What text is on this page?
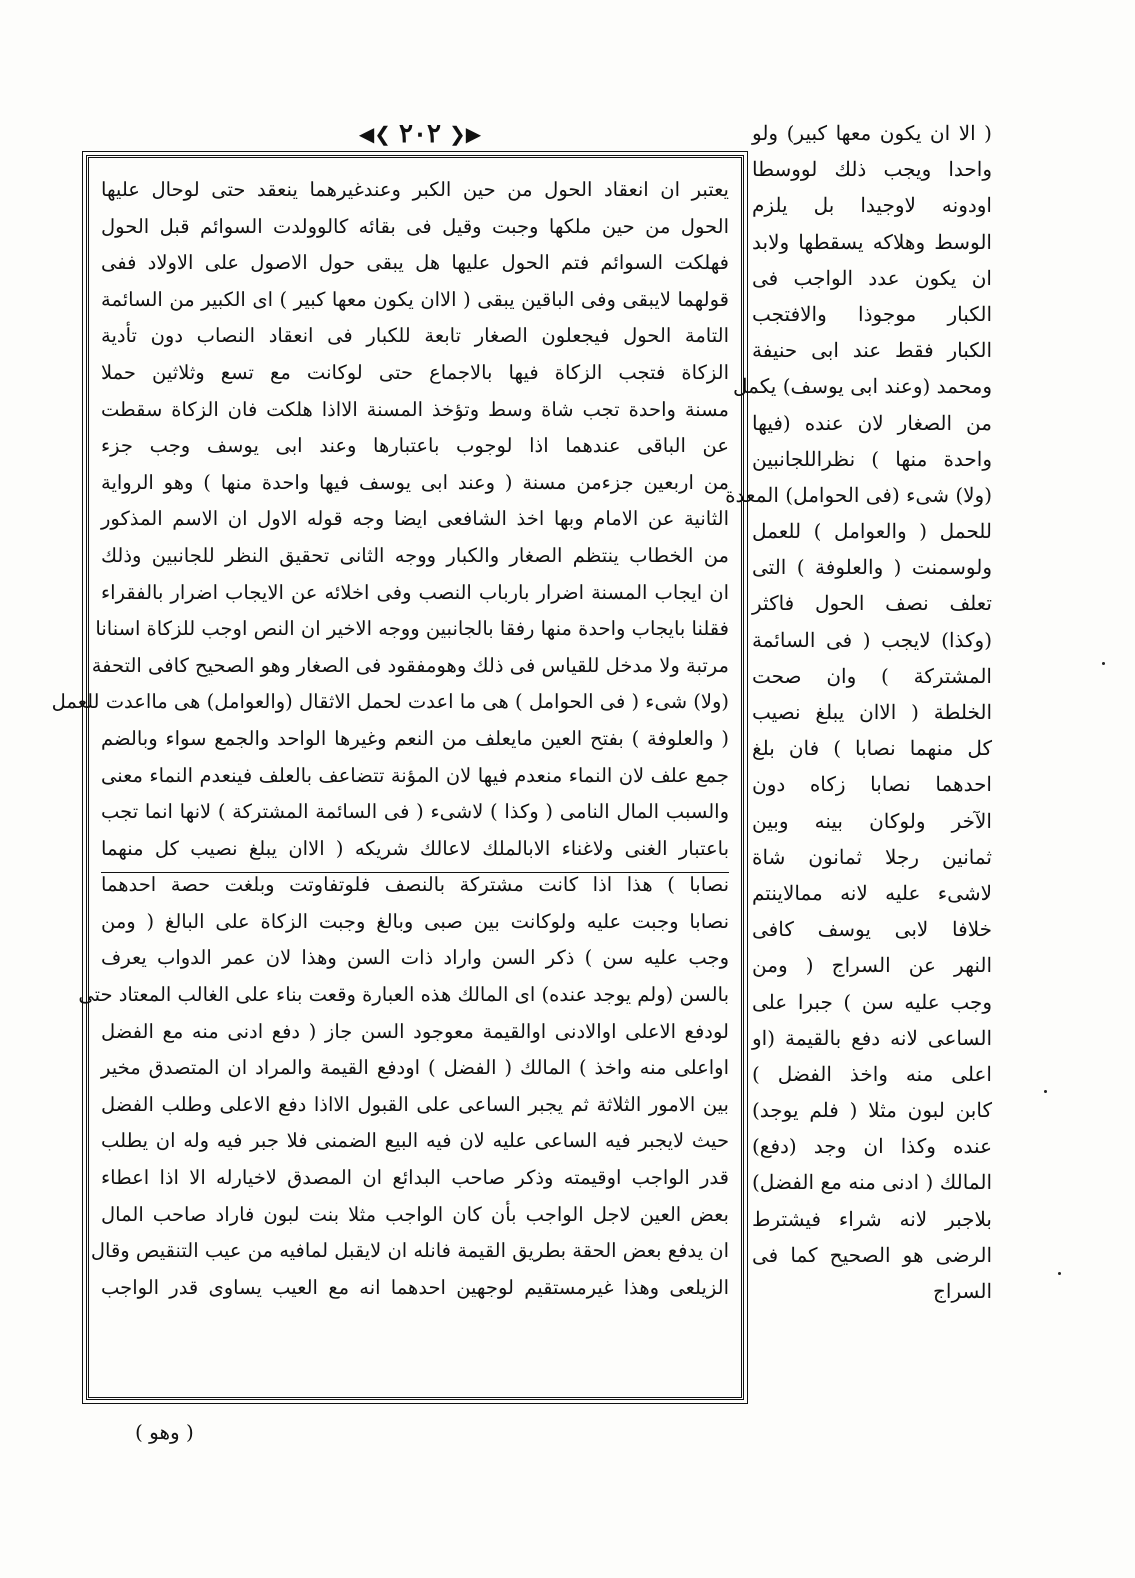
◀❮ ٢٠٢ ❯▶	( الا ان يكون معها كبير) ولو
واحدا ويجب ذلك لووسطا
اودونه لاوجيدا بل يلزم
الوسط وهلاكه يسقطها ولابد
ان يكون عدد الواجب فى
الكبار موجوذا والافتجب
الكبار فقط عند ابى حنيفة
ومحمد (وعند ابى يوسف) يكمل
من الصغار لان عنده (فيها
واحدة منها ) نظراللجانبين
(ولا) شىء (فى الحوامل) المعدة
للحمل ( والعوامل ) للعمل
ولوسمنت ( والعلوفة ) التى
تعلف نصف الحول فاكثر
(وكذا) لايجب ( فى السائمة
المشتركة ) وان صحت
الخلطة ( الاان يبلغ نصيب
كل منهما نصابا ) فان بلغ
احدهما نصابا زكاه دون
الآخر ولوكان بينه وبين
ثمانين رجلا ثمانون شاة
لاشىء عليه لانه ممالاينتم
خلافا لابى يوسف كافى
النهر عن السراج ( ومن
وجب عليه سن ) جبرا على
الساعى لانه دفع بالقيمة (او
اعلى منه واخذ الفضل )
كابن لبون مثلا ( فلم يوجد)
عنده وكذا ان وجد (دفع)
المالك ( ادنى منه مع الفضل)
بلاجبر لانه شراء فيشترط
الرضى هو الصحيح كما فى
السراج
يعتبر ان انعقاد الحول من حين الكبر وعندغيرهما ينعقد حتى لوحال عليها
الحول من حين ملكها وجبت وقيل فى بقائه كالوولدت السوائم قبل الحول
فهلكت السوائم فتم الحول عليها هل يبقى حول الاصول على الاولاد ففى
قولهما لايبقى وفى الباقين يبقى ( الاان يكون معها كبير ) اى الكبير من السائمة
التامة الحول فيجعلون الصغار تابعة للكبار فى انعقاد النصاب دون تأدية
الزكاة فتجب الزكاة فيها بالاجماع حتى لوكانت مع تسع وثلاثين حملا
مسنة واحدة تجب شاة وسط وتؤخذ المسنة الااذا هلكت فان الزكاة سقطت
عن الباقى عندهما اذا لوجوب باعتبارها وعند ابى يوسف وجب جزء
من اربعين جزءمن مسنة ( وعند ابى يوسف فيها واحدة منها ) وهو الرواية
الثانية عن الامام وبها اخذ الشافعى ايضا وجه قوله الاول ان الاسم المذكور
من الخطاب ينتظم الصغار والكبار ووجه الثانى تحقيق النظر للجانبين وذلك
ان ايجاب المسنة اضرار بارباب النصب وفى اخلائه عن الايجاب اضرار بالفقراء
فقلنا بايجاب واحدة منها رفقا بالجانبين ووجه الاخير ان النص اوجب للزكاة اسنانا
مرتبة ولا مدخل للقياس فى ذلك وهومفقود فى الصغار وهو الصحيح كافى التحفة
(ولا) شىء ( فى الحوامل ) هى ما اعدت لحمل الاثقال (والعوامل) هى مااعدت للعمل
( والعلوفة ) بفتح العين مايعلف من النعم وغيرها الواحد والجمع سواء وبالضم
جمع علف لان النماء منعدم فيها لان المؤنة تتضاعف بالعلف فينعدم النماء معنى
والسبب المال النامى ( وكذا ) لاشىء ( فى السائمة المشتركة ) لانها انما تجب
باعتبار الغنى ولاغناء الابالملك لاعالك شريكه ( الاان يبلغ نصيب كل منهما
نصابا ) هذا اذا كانت مشتركة بالنصف فلوتفاوتت وبلغت حصة احدهما
نصابا وجبت عليه ولوكانت بين صبى وبالغ وجبت الزكاة على البالغ ( ومن
وجب عليه سن ) ذكر السن واراد ذات السن وهذا لان عمر الدواب يعرف
بالسن (ولم يوجد عنده) اى المالك هذه العبارة وقعت بناء على الغالب المعتاد حتى
لودفع الاعلى اوالادنى اوالقيمة معوجود السن جاز ( دفع ادنى منه مع الفضل
اواعلى منه واخذ ) المالك ( الفضل ) اودفع القيمة والمراد ان المتصدق مخير
بين الامور الثلاثة ثم يجبر الساعى على القبول الااذا دفع الاعلى وطلب الفضل
حيث لايجبر فيه الساعى عليه لان فيه البيع الضمنى فلا جبر فيه وله ان يطلب
قدر الواجب اوقيمته وذكر صاحب البدائع ان المصدق لاخيارله الا اذا اعطاء
بعض العين لاجل الواجب بأن كان الواجب مثلا بنت لبون فاراد صاحب المال
ان يدفع بعض الحقة بطريق القيمة فانله ان لايقبل لمافيه من عيب التنقيص وقال
الزيلعى وهذا غيرمستقيم لوجهين احدهما انه مع العيب يساوى قدر الواجب
( وهو )
